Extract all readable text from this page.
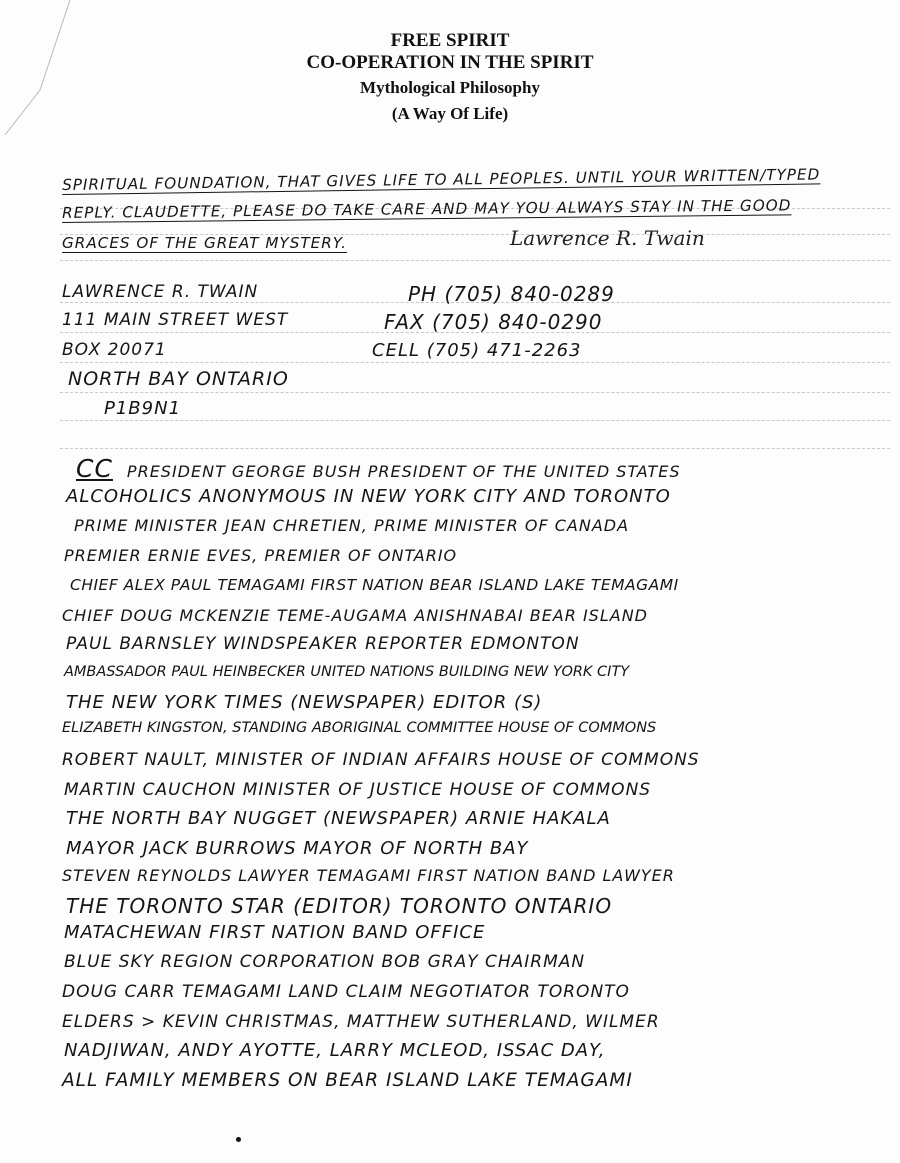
FREE SPIRIT
CO-OPERATION IN THE SPIRIT
Mythological Philosophy
(A Way Of Life)
SPIRITUAL FOUNDATION, THAT GIVES LIFE TO ALL PEOPLES. UNTIL YOUR WRITTEN/TYPED
REPLY. CLAUDETTE, PLEASE DO TAKE CARE AND MAY YOU ALWAYS STAY IN THE GOOD
GRACES OF THE GREAT MYSTERY.	Lawrence R. Twain
LAWRENCE R. TWAIN
111 MAIN STREET WEST
BOX 20071
NORTH BAY ONTARIO
P1B9N1
PH (705) 840-0289
FAX (705) 840-0290
CELL (705) 471-2263
CC PRESIDENT GEORGE BUSH PRESIDENT OF THE UNITED STATES
ALCOHOLICS ANONYMOUS IN NEW YORK CITY AND TORONTO
PRIME MINISTER JEAN CHRETIEN, PRIME MINISTER OF CANADA
PREMIER ERNIE EVES, PREMIER OF ONTARIO
CHIEF ALEX PAUL TEMAGAMI FIRST NATION BEAR ISLAND LAKE TEMAGAMI
CHIEF DOUG MCKENZIE TEME-AUGAMA ANISHNABAI BEAR ISLAND
PAUL BARNSLEY WINDSPEAKER REPORTER EDMONTON
AMBASSADOR PAUL HEINBECKER UNITED NATIONS BUILDING NEW YORK CITY
THE NEW YORK TIMES (NEWSPAPER) EDITOR (S)
ELIZABETH KINGSTON, STANDING ABORIGINAL COMMITTEE HOUSE OF COMMONS
ROBERT NAULT, MINISTER OF INDIAN AFFAIRS HOUSE OF COMMONS
MARTIN CAUCHON MINISTER OF JUSTICE HOUSE OF COMMONS
THE NORTH BAY NUGGET (NEWSPAPER) ARNIE HAKALA
MAYOR JACK BURROWS MAYOR OF NORTH BAY
STEVEN REYNOLDS LAWYER TEMAGAMI FIRST NATION BAND LAWYER
THE TORONTO STAR (EDITOR) TORONTO ONTARIO
MATACHEWAN FIRST NATION BAND OFFICE
BLUE SKY REGION CORPORATION BOB GRAY CHAIRMAN
DOUG CARR TEMAGAMI LAND CLAIM NEGOTIATOR TORONTO
ELDERS > KEVIN CHRISTMAS, MATTHEW SUTHERLAND, WILMER
NADJIWAN, ANDY AYOTTE, LARRY MCLEOD, ISSAC DAY,
ALL FAMILY MEMBERS ON BEAR ISLAND LAKE TEMAGAMI
